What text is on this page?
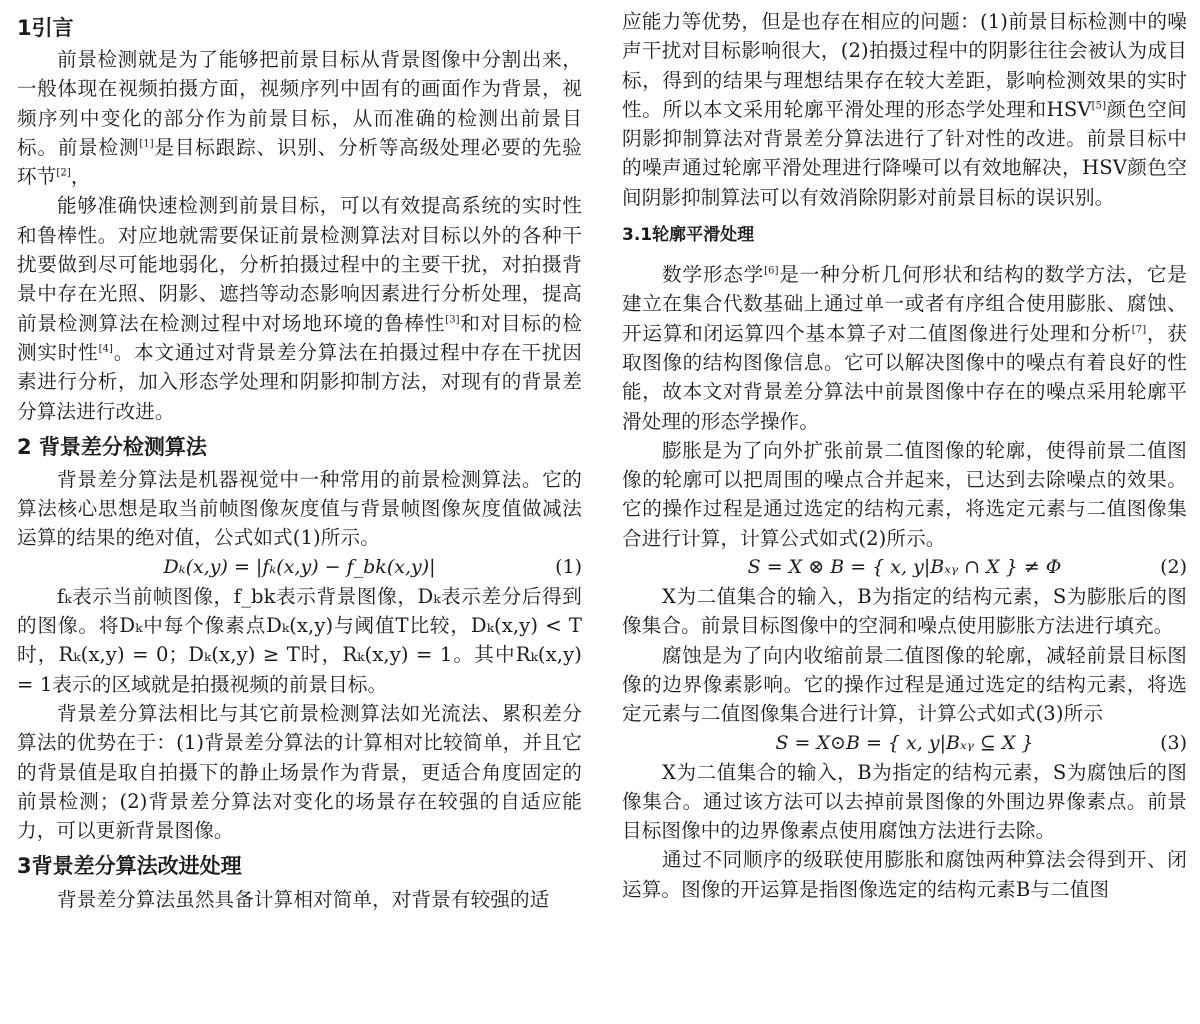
1引言

前景检测就是为了能够把前景目标从背景图像中分割出来，一般体现在视频拍摄方面，视频序列中固有的画面作为背景，视频序列中变化的部分作为前景目标，从而准确的检测出前景目标。前景检测[1]是目标跟踪、识别、分析等高级处理必要的先验环节[2]，

能够准确快速检测到前景目标，可以有效提高系统的实时性和鲁棒性。对应地就需要保证前景检测算法对目标以外的各种干扰要做到尽可能地弱化，分析拍摄过程中的主要干扰，对拍摄背景中存在光照、阴影、遮挡等动态影响因素进行分析处理，提高前景检测算法在检测过程中对场地环境的鲁棒性[3]和对目标的检测实时性[4]。本文通过对背景差分算法在拍摄过程中存在干扰因素进行分析，加入形态学处理和阴影抑制方法，对现有的背景差分算法进行改进。

2 背景差分检测算法

背景差分算法是机器视觉中一种常用的前景检测算法。它的算法核心思想是取当前帧图像灰度值与背景帧图像灰度值做减法运算的结果的绝对值，公式如式(1)所示。

Dₖ(x,y) = |fₖ(x,y) − f_bk(x,y)|	(1)

fₖ表示当前帧图像，f_bk表示背景图像，Dₖ表示差分后得到的图像。将Dₖ中每个像素点Dₖ(x,y)与阈值T比较，Dₖ(x,y) < T时，Rₖ(x,y) = 0；Dₖ(x,y) ≥ T时，Rₖ(x,y) = 1。其中Rₖ(x,y) = 1表示的区域就是拍摄视频的前景目标。

背景差分算法相比与其它前景检测算法如光流法、累积差分算法的优势在于：(1)背景差分算法的计算相对比较简单，并且它的背景值是取自拍摄下的静止场景作为背景，更适合角度固定的前景检测；(2)背景差分算法对变化的场景存在较强的自适应能力，可以更新背景图像。

3背景差分算法改进处理

背景差分算法虽然具备计算相对简单，对背景有较强的适

应能力等优势，但是也存在相应的问题：(1)前景目标检测中的噪声干扰对目标影响很大，(2)拍摄过程中的阴影往往会被认为成目标，得到的结果与理想结果存在较大差距，影响检测效果的实时性。所以本文采用轮廓平滑处理的形态学处理和HSV[5]颜色空间阴影抑制算法对背景差分算法进行了针对性的改进。前景目标中的噪声通过轮廓平滑处理进行降噪可以有效地解决，HSV颜色空间阴影抑制算法可以有效消除阴影对前景目标的误识别。

3.1轮廓平滑处理

数学形态学[6]是一种分析几何形状和结构的数学方法，它是建立在集合代数基础上通过单一或者有序组合使用膨胀、腐蚀、开运算和闭运算四个基本算子对二值图像进行处理和分析[7]，获取图像的结构图像信息。它可以解决图像中的噪点有着良好的性能，故本文对背景差分算法中前景图像中存在的噪点采用轮廓平滑处理的形态学操作。

膨胀是为了向外扩张前景二值图像的轮廓，使得前景二值图像的轮廓可以把周围的噪点合并起来，已达到去除噪点的效果。它的操作过程是通过选定的结构元素，将选定元素与二值图像集合进行计算，计算公式如式(2)所示。

S = X ⊗ B = { x, y|Bₓᵧ ∩ X } ≠ Φ	(2)

X为二值集合的输入，B为指定的结构元素，S为膨胀后的图像集合。前景目标图像中的空洞和噪点使用膨胀方法进行填充。

腐蚀是为了向内收缩前景二值图像的轮廓，减轻前景目标图像的边界像素影响。它的操作过程是通过选定的结构元素，将选定元素与二值图像集合进行计算，计算公式如式(3)所示

S = X⊙B = { x, y|Bₓᵧ ⊆ X }	(3)

X为二值集合的输入，B为指定的结构元素，S为腐蚀后的图像集合。通过该方法可以去掉前景图像的外围边界像素点。前景目标图像中的边界像素点使用腐蚀方法进行去除。

通过不同顺序的级联使用膨胀和腐蚀两种算法会得到开、闭运算。图像的开运算是指图像选定的结构元素B与二值图
